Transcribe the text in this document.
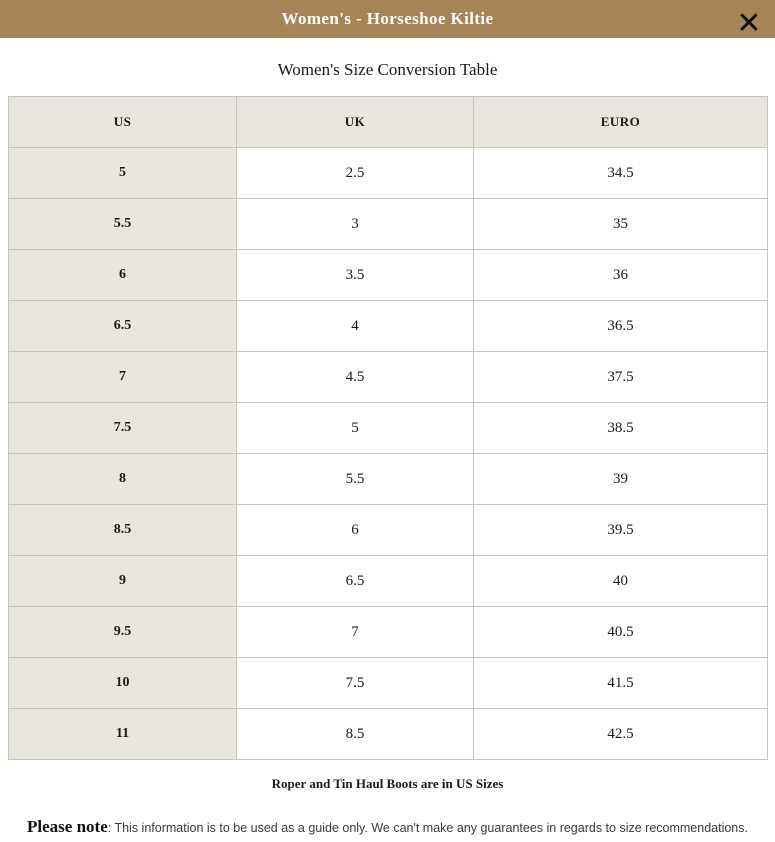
Women's - Horseshoe Kiltie	✕
Women's Size Conversion Table
US	UK	EURO
5	2.5	34.5
5.5	3	35
6	3.5	36
6.5	4	36.5
7	4.5	37.5
7.5	5	38.5
8	5.5	39
8.5	6	39.5
9	6.5	40
9.5	7	40.5
10	7.5	41.5
11	8.5	42.5
Roper and Tin Haul Boots are in US Sizes
Please note: This information is to be used as a guide only. We can't make any guarantees in regards to size recommendations.
